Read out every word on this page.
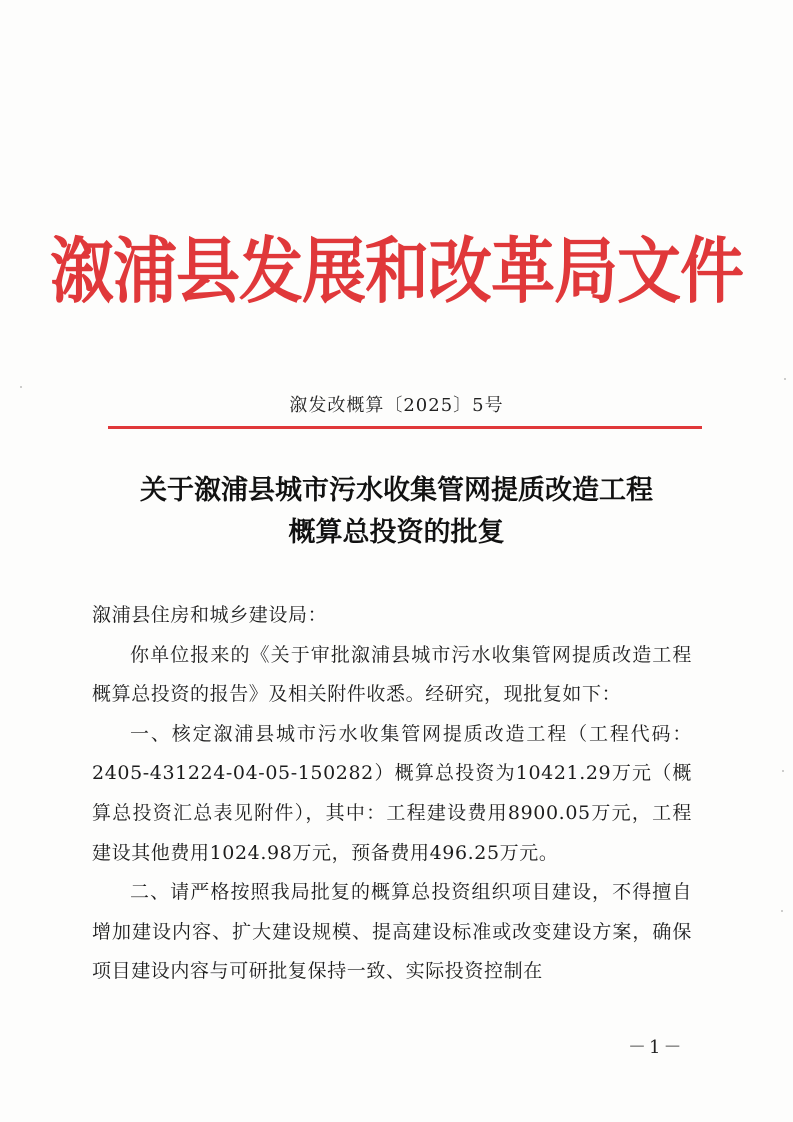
溆浦县发展和改革局文件
溆发改概算〔2025〕5号
关于溆浦县城市污水收集管网提质改造工程
概算总投资的批复

溆浦县住房和城乡建设局：

你单位报来的《关于审批溆浦县城市污水收集管网提质改造工程概算总投资的报告》及相关附件收悉。经研究，现批复如下：

一、核定溆浦县城市污水收集管网提质改造工程（工程代码：2405-431224-04-05-150282）概算总投资为10421.29万元（概算总投资汇总表见附件），其中：工程建设费用8900.05万元，工程建设其他费用1024.98万元，预备费用496.25万元。

二、请严格按照我局批复的概算总投资组织项目建设，不得擅自增加建设内容、扩大建设规模、提高建设标准或改变建设方案，确保项目建设内容与可研批复保持一致、实际投资控制在

－1－
